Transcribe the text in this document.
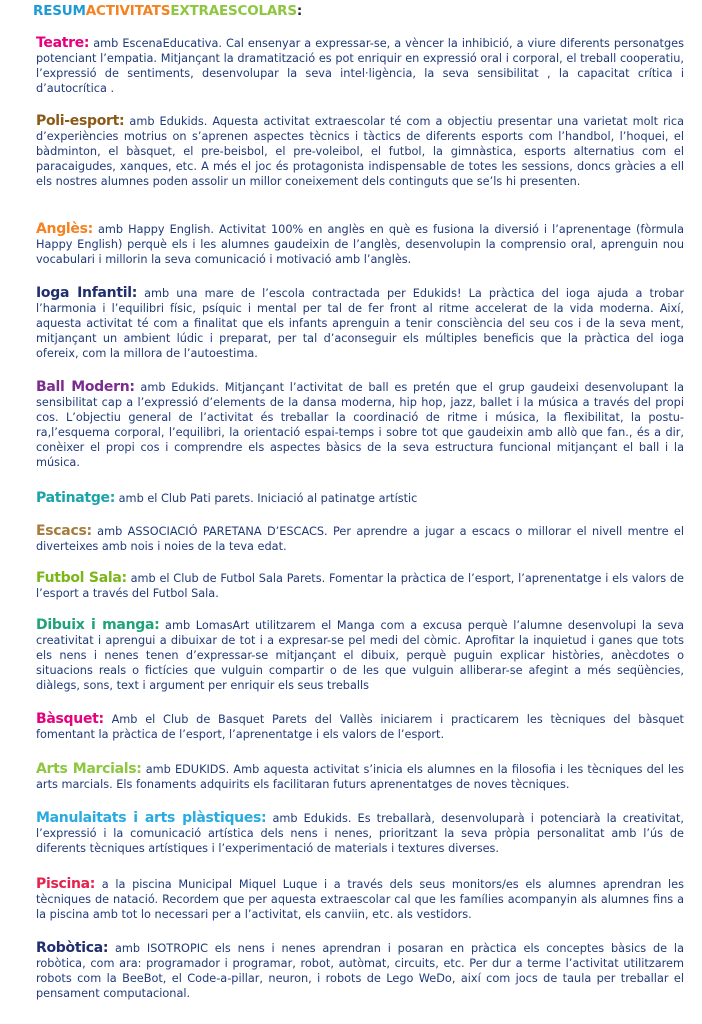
RESUMACTIVITATSEXTRAESCOLARS:

Teatre: amb EscenaEducativa. Cal ensenyar a expressar-se, a vèncer la inhibició, a viure diferents personatges potenciant l’empatia. Mitjançant la dramatització es pot enriquir en expressió oral i corporal, el treball cooperatiu, l’expressió de sentiments, desenvolupar la seva intel·ligència, la seva sensibilitat , la capacitat crítica i d’autocrítica .

Poli-esport: amb Edukids. Aquesta activitat extraescolar té com a objectiu presentar una varietat molt rica d’experiències motrius on s’aprenen aspectes tècnics i tàctics de diferents esports com l’handbol, l’hoquei, el bàdminton, el bàsquet, el pre-beisbol, el pre-voleibol, el futbol, la gimnàstica, esports alternatius com el paracaigudes, xanques, etc. A més el joc és protagonista indispensable de totes les sessions, doncs gràcies a ell els nostres alumnes poden assolir un millor coneixement dels continguts que se’ls hi presenten.

Anglès: amb Happy English. Activitat 100% en anglès en què es fusiona la diversió i l’aprenentage (fòrmula Happy English) perquè els i les alumnes gaudeixin de l’anglès, desenvolupin la comprensio oral, aprenguin nou vocabulari i millorin la seva comunicació i motivació amb l’anglès.

Ioga Infantil: amb una mare de l’escola contractada per Edukids! La pràctica del ioga ajuda a trobar l’harmonia i l’equilibri físic, psíquic i mental per tal de fer front al ritme accelerat de la vida moderna. Així, aquesta activitat té com a finalitat que els infants aprenguin a tenir consciència del seu cos i de la seva ment, mitjançant un ambient lúdic i preparat, per tal d’aconseguir els múltiples beneficis que la pràctica del ioga ofereix, com la millora de l’autoestima.

Ball Modern: amb Edukids. Mitjançant l’activitat de ball es pretén que el grup gaudeixi desenvolupant la sensibilitat cap a l’expressió d’elements de la dansa moderna, hip hop, jazz, ballet i la música a través del propi cos. L’objectiu general de l’activitat és treballar la coordinació de ritme i música, la flexibilitat, la postu-ra,l’esquema corporal, l’equilibri, la orientació espai-temps i sobre tot que gaudeixin amb allò que fan., és a dir, conèixer el propi cos i comprendre els aspectes bàsics de la seva estructura funcional mitjançant el ball i la música.

Patinatge: amb el Club Pati parets. Iniciació al patinatge artístic

Escacs: amb ASSOCIACIÓ PARETANA D’ESCACS. Per aprendre a jugar a escacs o millorar el nivell mentre el diverteixes amb nois i noies de la teva edat.

Futbol Sala: amb el Club de Futbol Sala Parets. Fomentar la pràctica de l’esport, l’aprenentatge i els valors de l’esport a través del Futbol Sala.

Dibuix i manga: amb LomasArt utilitzarem el Manga com a excusa perquè l’alumne desenvolupi la seva creativitat i aprengui a dibuixar de tot i a expresar-se pel medi del còmic. Aprofitar la inquietud i ganes que tots els nens i nenes tenen d’expressar-se mitjançant el dibuix, perquè puguin explicar històries, anècdotes o situacions reals o fictícies que vulguin compartir o de les que vulguin alliberar-se afegint a més seqüències, diàlegs, sons, text i argument per enriquir els seus treballs

Bàsquet: Amb el Club de Basquet Parets del Vallès iniciarem i practicarem les tècniques del bàsquet fomentant la pràctica de l’esport, l’aprenentatge i els valors de l’esport.

Arts Marcials: amb EDUKIDS. Amb aquesta activitat s’inicia els alumnes en la filosofia i les tècniques del les arts marcials. Els fonaments adquirits els facilitaran futurs aprenentatges de noves tècniques.

Manulaitats i arts plàstiques: amb Edukids. Es treballarà, desenvoluparà i potenciarà la creativitat, l’expressió i la comunicació artística dels nens i nenes, prioritzant la seva pròpia personalitat amb l’ús de diferents tècniques artístiques i l’experimentació de materials i textures diverses.

Piscina: a la piscina Municipal Miquel Luque i a través dels seus monitors/es els alumnes aprendran les tècniques de natació. Recordem que per aquesta extraescolar cal que les famílies acompanyin als alumnes fins a la piscina amb tot lo necessari per a l’activitat, els canviin, etc. als vestidors.

Robòtica: amb ISOTROPIC els nens i nenes aprendran i posaran en pràctica els conceptes bàsics de la robòtica, com ara: programador i programar, robot, autòmat, circuits, etc. Per dur a terme l’activitat utilitzarem robots com la BeeBot, el Code-a-pillar, neuron, i robots de Lego WeDo, així com jocs de taula per treballar el pensament computacional.
